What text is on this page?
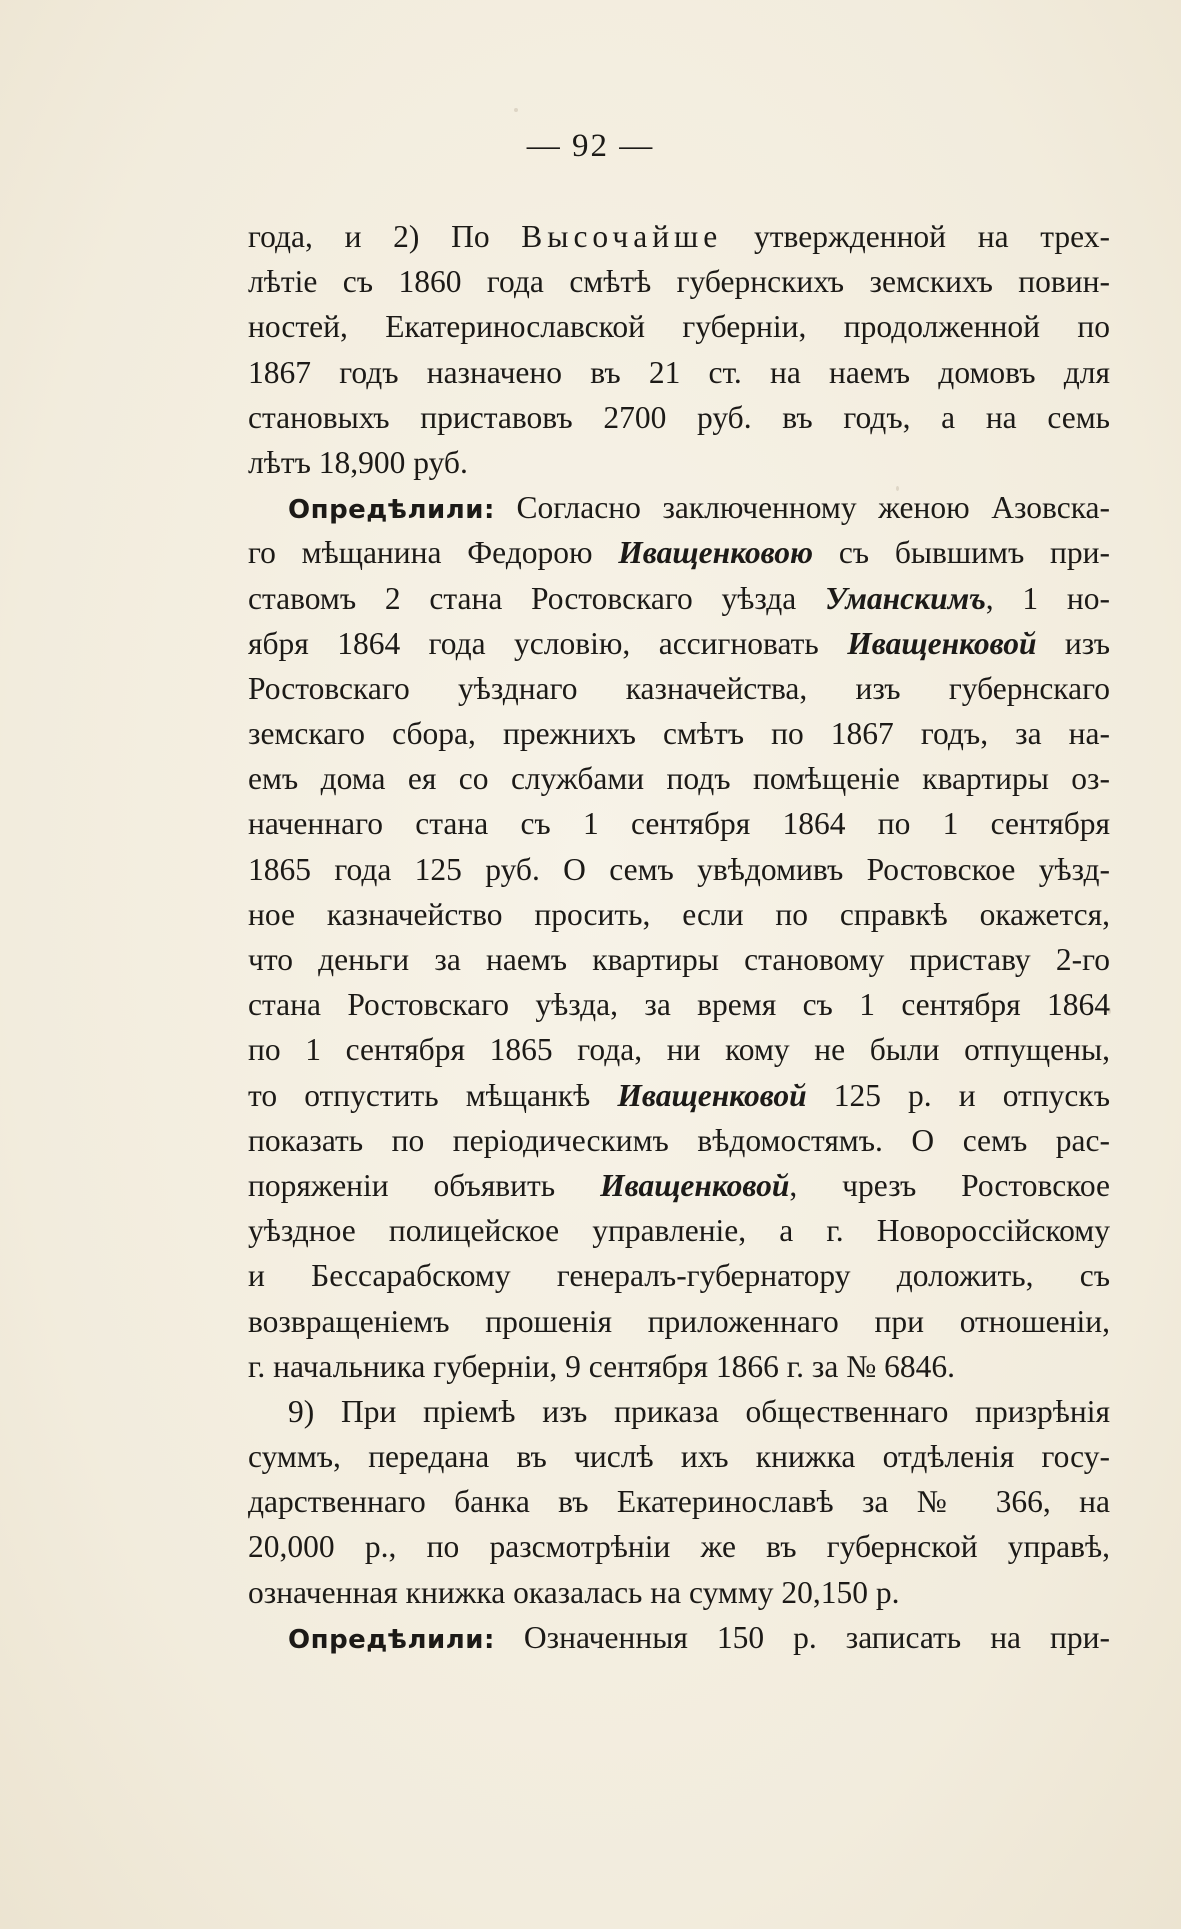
— 92 —
года, и 2) По Высочайше утвержденной на трех-
лѣтіе съ 1860 года смѣтѣ губернскихъ земскихъ повин-
ностей, Екатеринославской губерніи, продолженной по
1867 годъ назначено въ 21 ст. на наемъ домовъ для
становыхъ приставовъ 2700 руб. въ годъ, а на семь
лѣтъ 18,900 руб.
Опредѣлили: Согласно заключенному женою Азовска-
го мѣщанина Федорою Иващенковою съ бывшимъ при-
ставомъ 2 стана Ростовскаго уѣзда Уманскимъ, 1 но-
ября 1864 года условію, ассигновать Иващенковой изъ
Ростовскаго уѣзднаго казначейства, изъ губернскаго
земскаго сбора, прежнихъ смѣтъ по 1867 годъ, за на-
емъ дома ея со службами подъ помѣщеніе квартиры оз-
наченнаго стана съ 1 сентября 1864 по 1 сентября
1865 года 125 руб. О семъ увѣдомивъ Ростовское уѣзд-
ное казначейство просить, если по справкѣ окажется,
что деньги за наемъ квартиры становому приставу 2-го
стана Ростовскаго уѣзда, за время съ 1 сентября 1864
по 1 сентября 1865 года, ни кому не были отпущены,
то отпустить мѣщанкѣ Иващенковой 125 р. и отпускъ
показать по періодическимъ вѣдомостямъ. О семъ рас-
поряженіи объявить Иващенковой, чрезъ Ростовское
уѣздное полицейское управленіе, а г. Новороссійскому
и Бессарабскому генералъ-губернатору доложить, съ
возвращеніемъ прошенія приложеннаго при отношеніи,
г. начальника губерніи, 9 сентября 1866 г. за № 6846.
9) При пріемѣ изъ приказа общественнаго призрѣнія
суммъ, передана въ числѣ ихъ книжка отдѣленія госу-
дарственнаго банка въ Екатеринославѣ за № 366, на
20,000 р., по разсмотрѣніи же въ губернской управѣ,
означенная книжка оказалась на сумму 20,150 р.
Опредѣлили: Означенныя 150 р. записать на при-
